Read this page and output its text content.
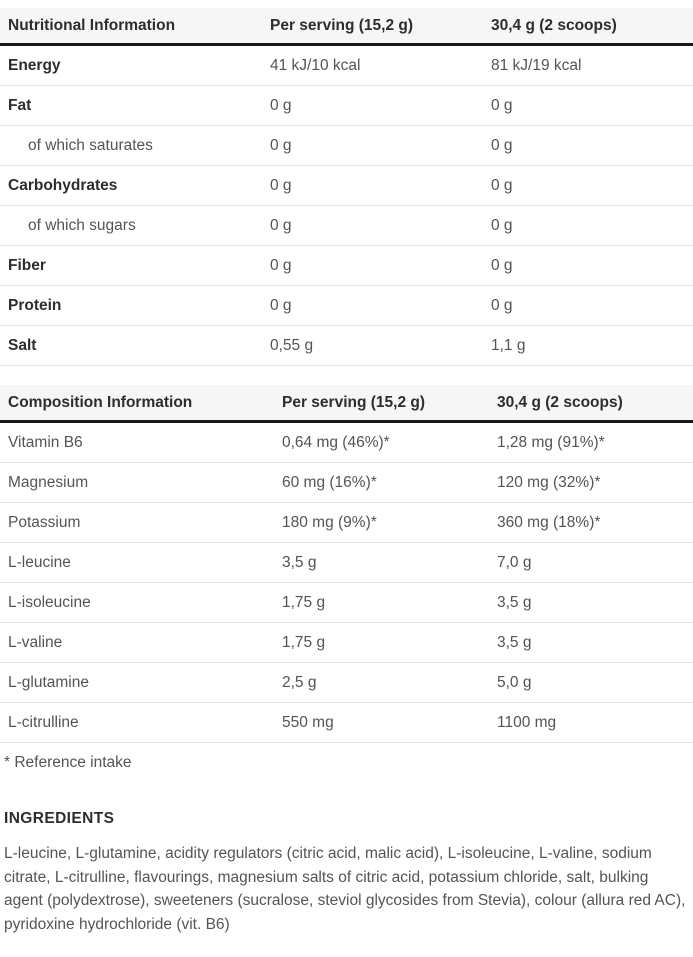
Nutritional Information	Per serving (15,2 g)	30,4 g (2 scoops)
Energy	41 kJ/10 kcal	81 kJ/19 kcal
Fat	0 g	0 g
of which saturates	0 g	0 g
Carbohydrates	0 g	0 g
of which sugars	0 g	0 g
Fiber	0 g	0 g
Protein	0 g	0 g
Salt	0,55 g	1,1 g
Composition Information	Per serving (15,2 g)	30,4 g (2 scoops)
Vitamin B6	0,64 mg (46%)*	1,28 mg (91%)*
Magnesium	60 mg (16%)*	120 mg (32%)*
Potassium	180 mg (9%)*	360 mg (18%)*
L-leucine	3,5 g	7,0 g
L-isoleucine	1,75 g	3,5 g
L-valine	1,75 g	3,5 g
L-glutamine	2,5 g	5,0 g
L-citrulline	550 mg	1100 mg
* Reference intake
INGREDIENTS
L-leucine, L-glutamine, acidity regulators (citric acid, malic acid), L-isoleucine, L-valine, sodium citrate, L-citrulline, flavourings, magnesium salts of citric acid, potassium chloride, salt, bulking agent (polydextrose), sweeteners (sucralose, steviol glycosides from Stevia), colour (allura red AC), pyridoxine hydrochloride (vit. B6)
